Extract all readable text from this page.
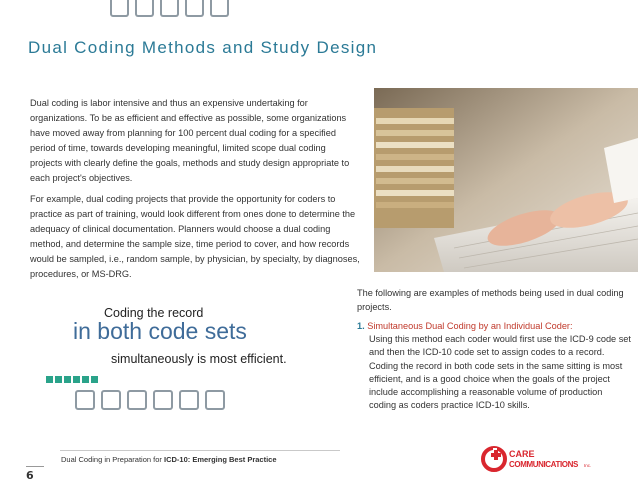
Dual Coding Methods and Study Design
Dual coding is labor intensive and thus an expensive undertaking for organizations. To be as efficient and effective as possible, some organizations have moved away from planning for 100 percent dual coding for a specified period of time, towards developing meaningful, limited scope dual coding projects with clearly define the goals, methods and study design appropriate to each project's objectives.
For example, dual coding projects that provide the opportunity for coders to practice as part of training, would look different from ones done to determine the adequacy of clinical documentation. Planners would choose a dual coding method, and determine the sample size, time period to cover, and how records would be sampled, i.e., random sample, by physician, by specialty, by diagnoses, procedures, or MS-DRG.
Coding the record
in both code sets
simultaneously is most efficient.
The following are examples of methods being used in dual coding projects.
1. Simultaneous Dual Coding by an Individual Coder:
Using this method each coder would first use the ICD-9 code set and then the ICD-10 code set to assign codes to a record. Coding the record in both code sets in the same sitting is most efficient, and is a good choice when the goals of the project include accomplishing a reasonable volume of production coding as coders practice ICD-10 skills.
Dual Coding in Preparation for ICD-10: Emerging Best Practice
6
CARE
COMMUNICATIONS Inc.
